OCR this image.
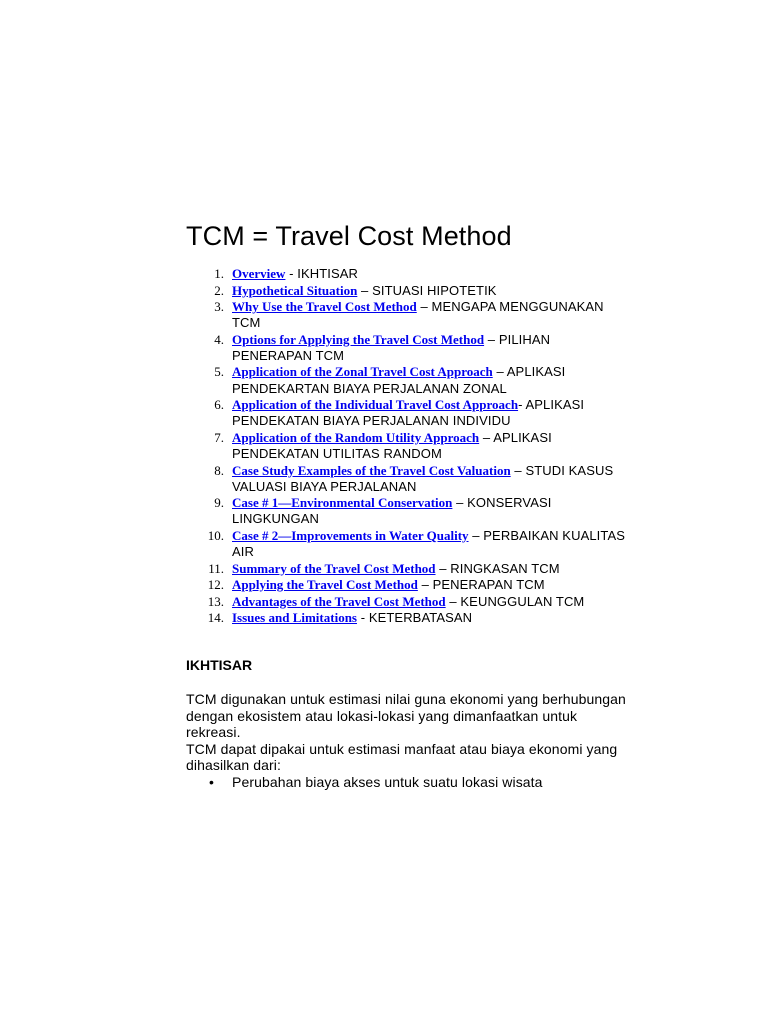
TCM = Travel Cost Method
1. Overview - IKHTISAR
2. Hypothetical Situation – SITUASI HIPOTETIK
3. Why Use the Travel Cost Method – MENGAPA MENGGUNAKAN TCM
4. Options for Applying the Travel Cost Method – PILIHAN PENERAPAN TCM
5. Application of the Zonal Travel Cost Approach – APLIKASI PENDEKARTAN BIAYA PERJALANAN ZONAL
6. Application of the Individual Travel Cost Approach- APLIKASI PENDEKATAN BIAYA PERJALANAN INDIVIDU
7. Application of the Random Utility Approach – APLIKASI PENDEKATAN UTILITAS RANDOM
8. Case Study Examples of the Travel Cost Valuation – STUDI KASUS VALUASI BIAYA PERJALANAN
9. Case # 1—Environmental Conservation – KONSERVASI LINGKUNGAN
10. Case # 2—Improvements in Water Quality – PERBAIKAN KUALITAS AIR
11. Summary of the Travel Cost Method – RINGKASAN TCM
12. Applying the Travel Cost Method – PENERAPAN TCM
13. Advantages of the Travel Cost Method – KEUNGGULAN TCM
14. Issues and Limitations - KETERBATASAN
IKHTISAR

TCM digunakan untuk estimasi nilai guna ekonomi yang berhubungan dengan ekosistem atau lokasi-lokasi yang dimanfaatkan untuk rekreasi.

TCM dapat dipakai untuk estimasi manfaat atau biaya ekonomi yang dihasilkan dari:

• Perubahan biaya akses untuk suatu lokasi wisata
